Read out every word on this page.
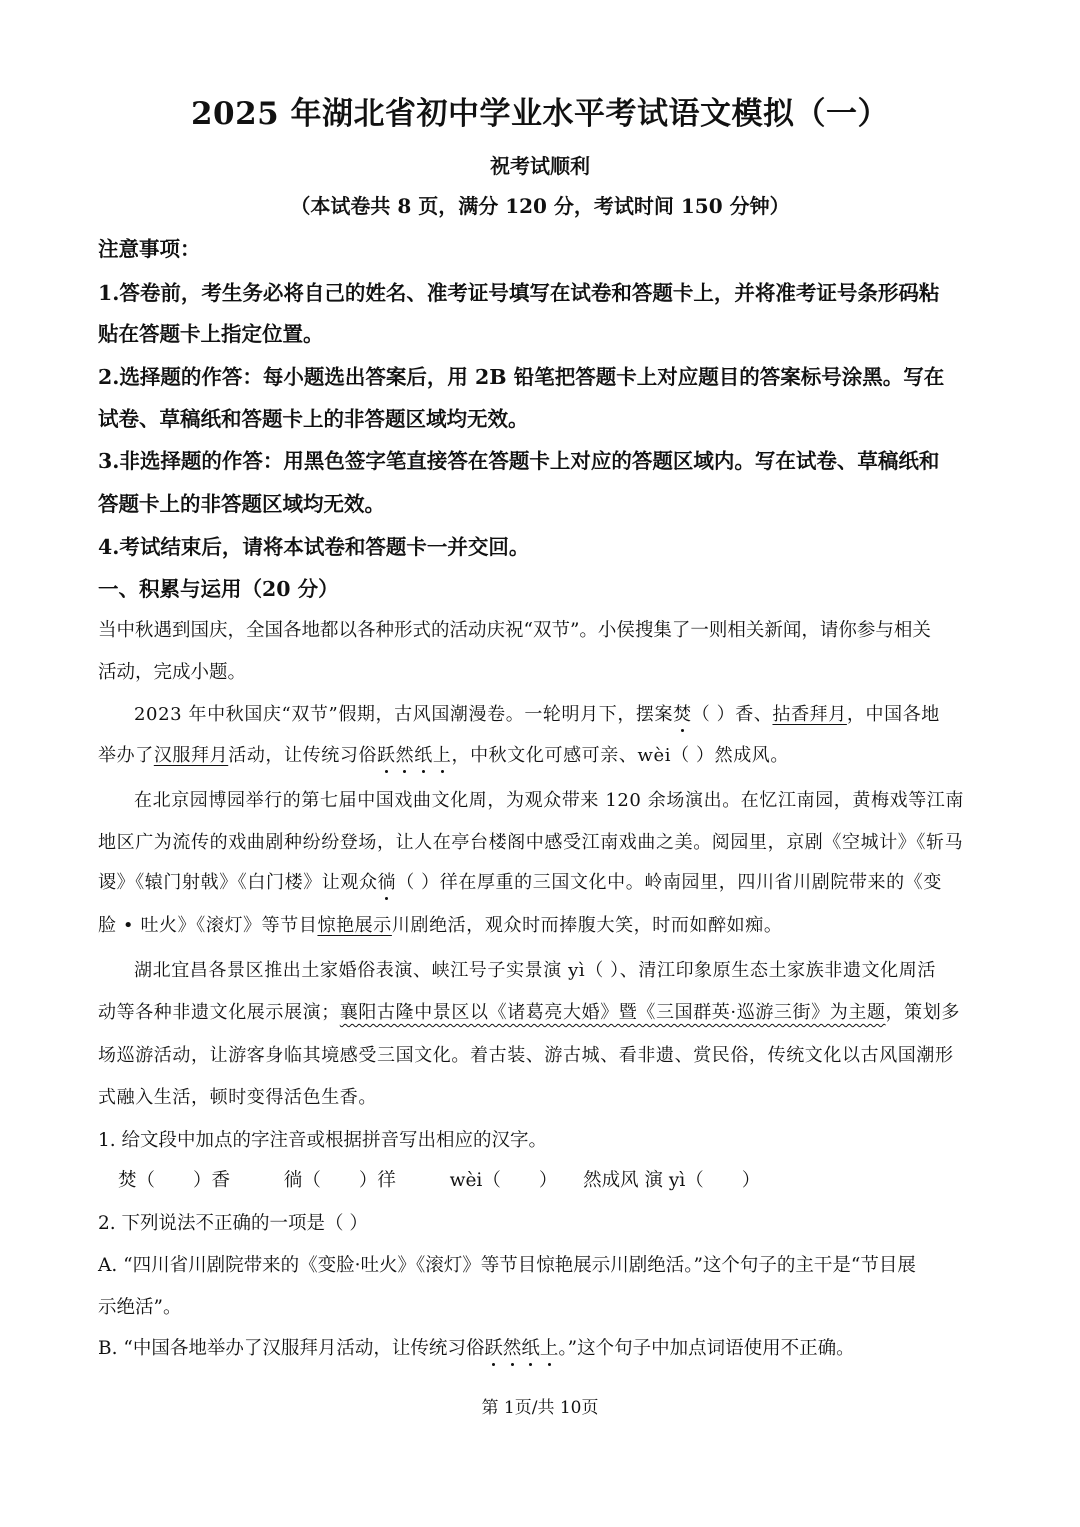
2025 年湖北省初中学业水平考试语文模拟（一）
祝考试顺利
（本试卷共 8 页，满分 120 分，考试时间 150 分钟）
注意事项：
1.答卷前，考生务必将自己的姓名、准考证号填写在试卷和答题卡上，并将准考证号条形码粘
贴在答题卡上指定位置。
2.选择题的作答：每小题选出答案后，用 2B 铅笔把答题卡上对应题目的答案标号涂黑。写在
试卷、草稿纸和答题卡上的非答题区域均无效。
3.非选择题的作答：用黑色签字笔直接答在答题卡上对应的答题区域内。写在试卷、草稿纸和
答题卡上的非答题区域均无效。
4.考试结束后，请将本试卷和答题卡一并交回。
一、积累与运用（20 分）
当中秋遇到国庆，全国各地都以各种形式的活动庆祝“双节”。小侯搜集了一则相关新闻，请你参与相关
活动，完成小题。
2023 年中秋国庆“双节”假期，古风国潮漫卷。一轮明月下，摆案焚（ ）香、拈香拜月，中国各地
举办了汉服拜月活动，让传统习俗跃然纸上，中秋文化可感可亲、wèi（ ）然成风。
在北京园博园举行的第七届中国戏曲文化周，为观众带来 120 余场演出。在忆江南园，黄梅戏等江南
地区广为流传的戏曲剧种纷纷登场，让人在亭台楼阁中感受江南戏曲之美。阅园里，京剧《空城计》《斩马
谡》《辕门射戟》《白门楼》让观众徜（ ）徉在厚重的三国文化中。岭南园里，四川省川剧院带来的《变
脸 • 吐火》《滚灯》等节目惊艳展示川剧绝活，观众时而捧腹大笑，时而如醉如痴。
湖北宜昌各景区推出土家婚俗表演、峡江号子实景演 yì（ ）、清江印象原生态土家族非遗文化周活
动等各种非遗文化展示展演；襄阳古隆中景区以《诸葛亮大婚》暨《三国群英·巡游三街》为主题，策划多
场巡游活动，让游客身临其境感受三国文化。着古装、游古城、看非遗、赏民俗，传统文化以古风国潮形
式融入生活，顿时变得活色生香。
1. 给文段中加点的字注音或根据拼音写出相应的汉字。
焚（ ）香	徜（ ）徉	wèi（ ） 然成风 演 yì（ ）
2. 下列说法不正确的一项是（ ）
A. “四川省川剧院带来的《变脸·吐火》《滚灯》等节目惊艳展示川剧绝活。”这个句子的主干是“节目展
示绝活”。
B. “中国各地举办了汉服拜月活动，让传统习俗跃然纸上。”这个句子中加点词语使用不正确。
第 1页/共 10页
